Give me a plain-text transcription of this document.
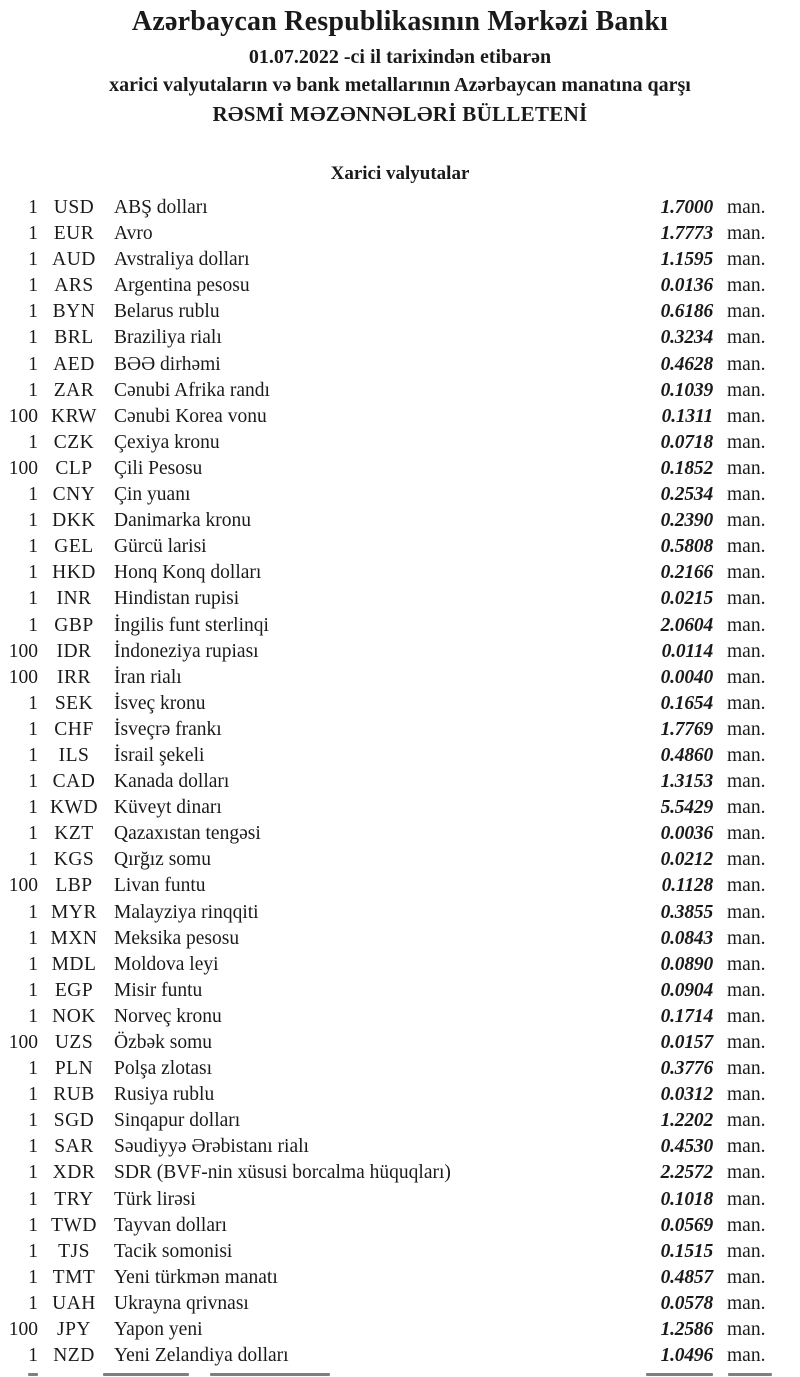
Azərbaycan Respublikasının Mərkəzi Bankı
01.07.2022 -ci il tarixindən etibarən
xarici valyutaların və bank metallarının Azərbaycan manatına qarşı
RƏSMİ MƏZƏNNƏLƏRİ BÜLLETENİ
Xarici valyutalar
1 USD	ABŞ dolları	1.7000 man.
1 EUR	Avro	1.7773 man.
1 AUD Avstraliya dolları	1.1595 man.
1 ARS	Argentina pesosu	0.0136 man.
1 BYN Belarus rublu	0.6186 man.
1 BRL	Braziliya rialı	0.3234 man.
1 AED BƏƏ dirhəmi	0.4628 man.
1 ZAR	Cənubi Afrika randı	0.1039 man.
100 KRW Cənubi Korea vonu	0.1311 man.
1 CZK	Çexiya kronu	0.0718 man.
100 CLP	Çili Pesosu	0.1852 man.
1 CNY Çin yuanı	0.2534 man.
1 DKK Danimarka kronu	0.2390 man.
1 GEL	Gürcü larisi	0.5808 man.
1 HKD Honq Konq dolları	0.2166 man.
1 INR	Hindistan rupisi	0.0215 man.
1 GBP	İngilis funt sterlinqi	2.0604 man.
100 IDR	İndoneziya rupiası	0.0114 man.
100 IRR	İran rialı	0.0040 man.
1 SEK	İsveç kronu	0.1654 man.
1 CHF	İsveçrə frankı	1.7769 man.
1	ILS	İsrail şekeli	0.4860 man.
1 CAD Kanada dolları	1.3153 man.
1 KWD Küveyt dinarı	5.5429 man.
1 KZT	Qazaxıstan tengəsi	0.0036 man.
1 KGS	Qırğız somu	0.0212 man.
100 LBP	Livan funtu	0.1128 man.
1 MYR Malayziya rinqqiti	0.3855 man.
1 MXN Meksika pesosu	0.0843 man.
1 MDL Moldova leyi	0.0890 man.
1 EGP	Misir funtu	0.0904 man.
1 NOK Norveç kronu	0.1714 man.
100 UZS	Özbək somu	0.0157 man.
1 PLN	Polşa zlotası	0.3776 man.
1 RUB Rusiya rublu	0.0312 man.
1 SGD	Sinqapur dolları	1.2202 man.
1 SAR	Səudiyyə Ərəbistanı rialı	0.4530 man.
1 XDR SDR (BVF-nin xüsusi borcalma hüquqları)	2.2572 man.
1 TRY	Türk lirəsi	0.1018 man.
1 TWD Tayvan dolları	0.0569 man.
1	TJS	Tacik somonisi	0.1515 man.
1 TMT Yeni türkmən manatı	0.4857 man.
1 UAH Ukrayna qrivnası	0.0578 man.
100 JPY	Yapon yeni	1.2586 man.
1 NZD Yeni Zelandiya dolları	1.0496 man.
